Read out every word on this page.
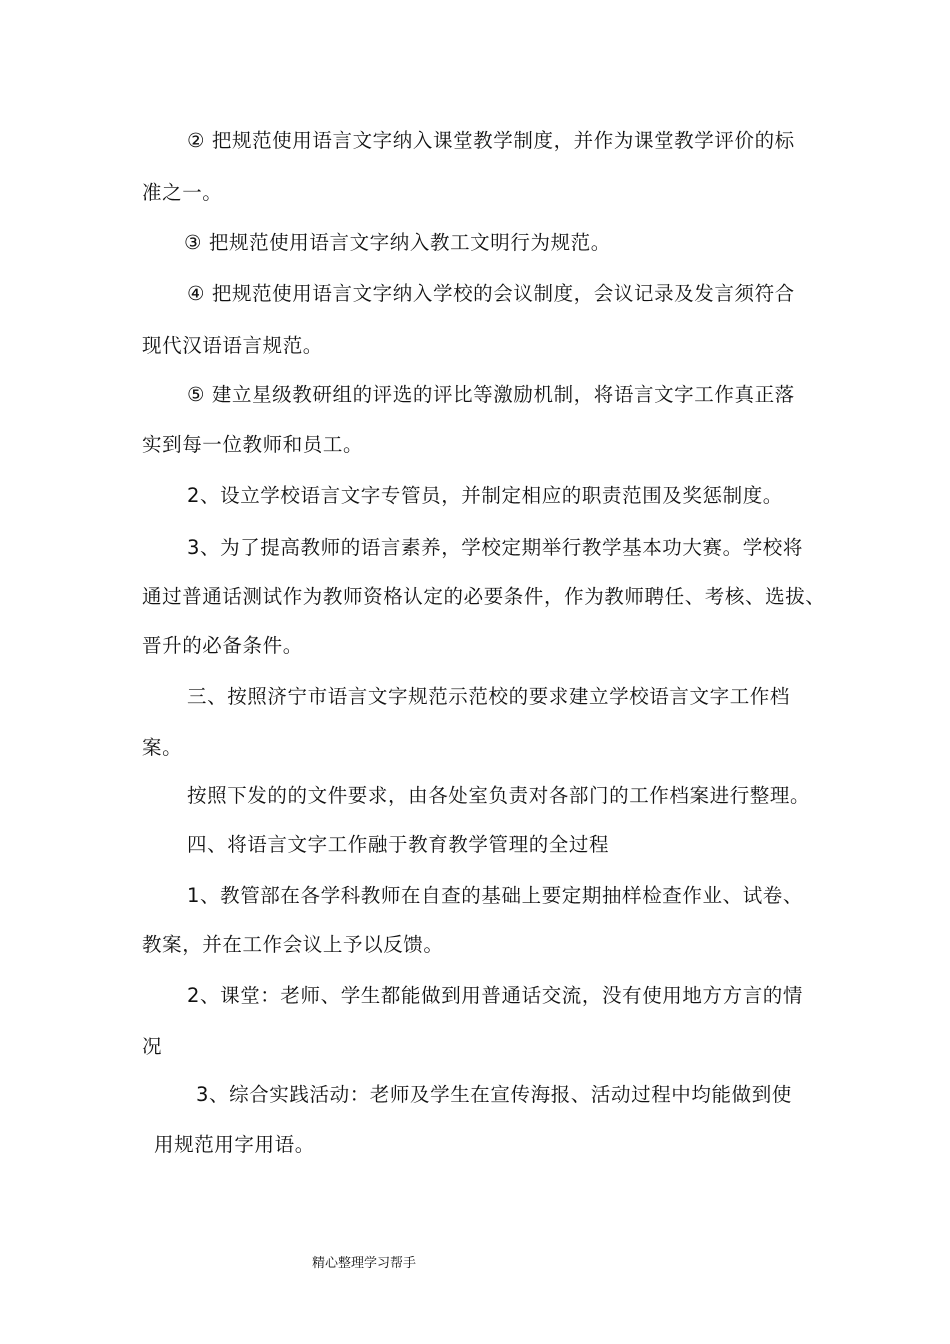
② 把规范使用语言文字纳入课堂教学制度，并作为课堂教学评价的标
准之一。
③ 把规范使用语言文字纳入教工文明行为规范。
④ 把规范使用语言文字纳入学校的会议制度，会议记录及发言须符合
现代汉语语言规范。
⑤ 建立星级教研组的评选的评比等激励机制，将语言文字工作真正落
实到每一位教师和员工。
2、设立学校语言文字专管员，并制定相应的职责范围及奖惩制度。
3、为了提高教师的语言素养，学校定期举行教学基本功大赛。学校将
通过普通话测试作为教师资格认定的必要条件，作为教师聘任、考核、选拔、
晋升的必备条件。
三、按照济宁市语言文字规范示范校的要求建立学校语言文字工作档
案。
按照下发的的文件要求，由各处室负责对各部门的工作档案进行整理。
四、将语言文字工作融于教育教学管理的全过程
1、教管部在各学科教师在自查的基础上要定期抽样检查作业、试卷、
教案，并在工作会议上予以反馈。
2、课堂：老师、学生都能做到用普通话交流，没有使用地方方言的情
况
3、综合实践活动：老师及学生在宣传海报、活动过程中均能做到使
用规范用字用语。
精心整理学习帮手
